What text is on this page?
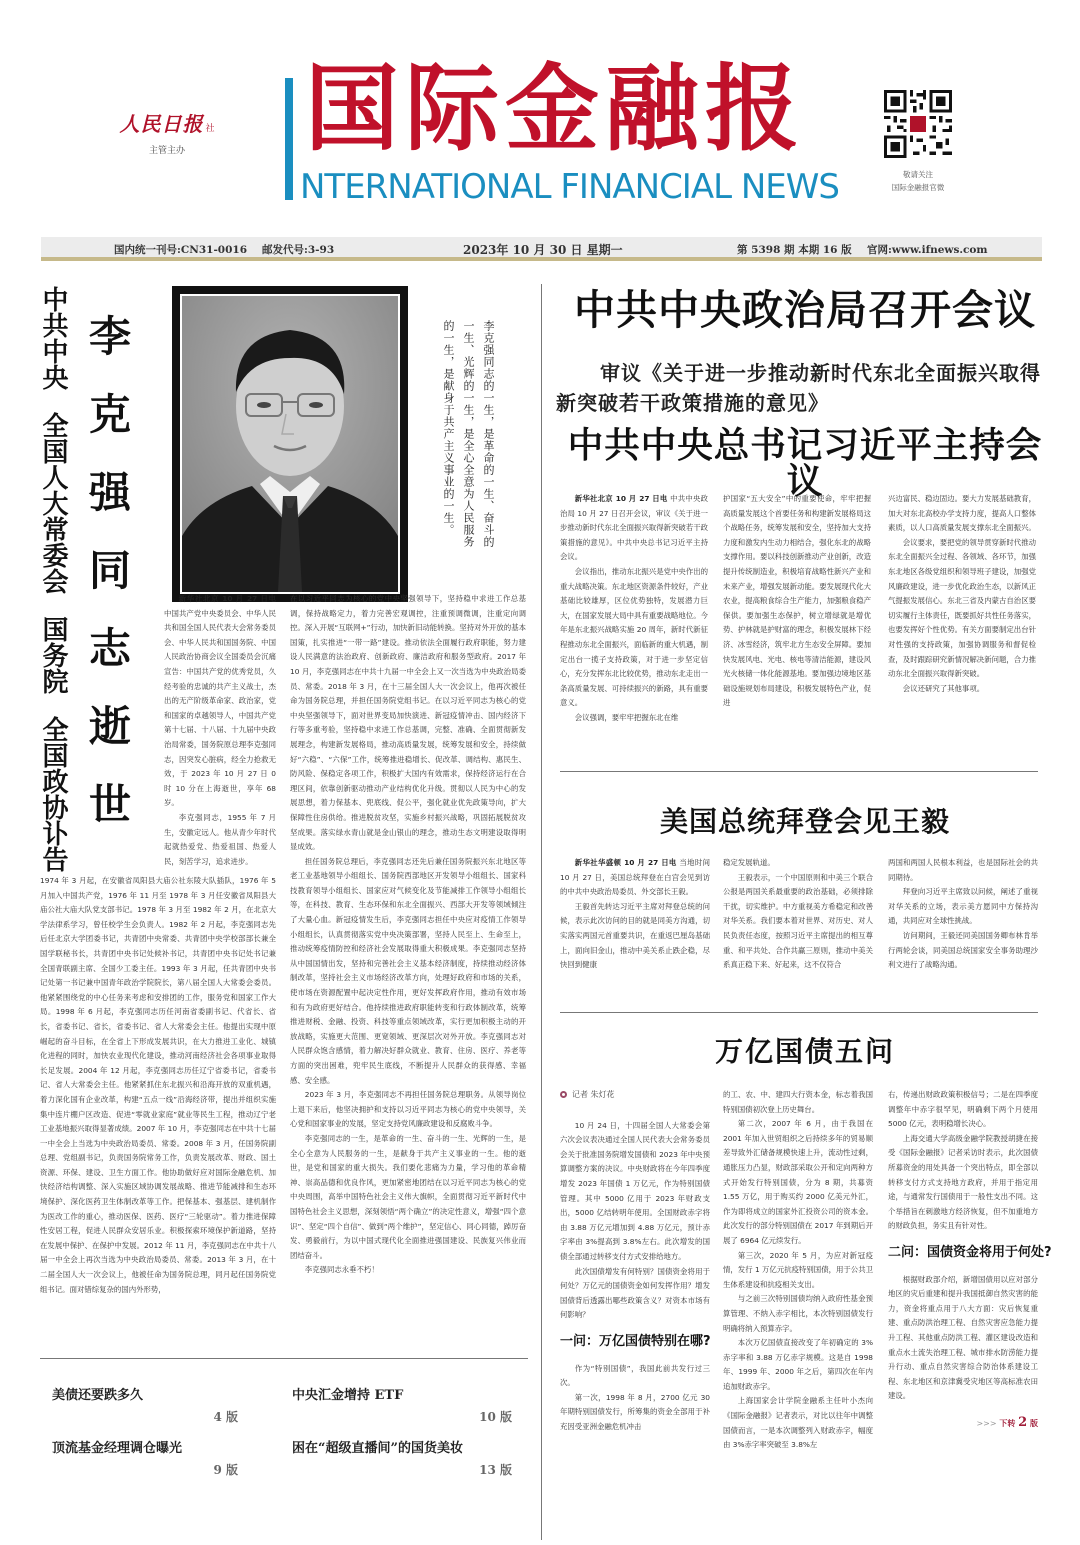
人民日报 社
主管主办	国际金融报
NTERNATIONAL FINANCIAL NEWS	敬请关注
国际金融报官微
国内统一刊号:CN31-0016 邮发代号:3-93	2023年 10 月 30 日 星期一	第 5398 期 本期 16 版 官网:www.ifnews.com
中共中央全国人大常委会国务院全国政协讣告 李克强同志逝世	李克强同志的一生，是革命的一生、奋斗的一生、光辉的一生，是全心全意为人民服务的一生，是献身于共产主义事业的一生。

新华社北京 10 月 27 日电 中国共产党中央委员会、中华人民共和国全国人民代表大会常务委员会、中华人民共和国国务院、中国人民政治协商会议全国委员会沉痛宣告：中国共产党的优秀党员，久经考验的忠诚的共产主义战士，杰出的无产阶级革命家、政治家，党和国家的卓越领导人，中国共产党第十七届、十八届、十九届中央政治局常委，国务院原总理李克强同志，因突发心脏病，经全力抢救无效，于 2023 年 10 月 27 日 0 时 10 分在上海逝世，享年 68 岁。

李克强同志，1955 年 7 月生，安徽定远人。他从青少年时代起就热爱党、热爱祖国、热爱人民，刻苦学习，追求进步。

1974 年 3 月起，在安徽省凤阳县大庙公社东陵大队插队，1976 年 5 月加入中国共产党，1976 年 11 月至 1978 年 3 月任安徽省凤阳县大庙公社大庙大队党支部书记。1978 年 3 月至 1982 年 2 月，在北京大学法律系学习，曾任校学生会负责人。1982 年 2 月起，李克强同志先后任北京大学团委书记，共青团中央常委、共青团中央学校部部长兼全国学联秘书长，共青团中央书记处候补书记，共青团中央书记处书记兼全国青联副主席、全国少工委主任。1993 年 3 月起，任共青团中央书记处第一书记兼中国青年政治学院院长，第八届全国人大常委会委员。他紧紧围绕党的中心任务来考虑和安排团的工作，服务党和国家工作大局。1998 年 6 月起，李克强同志历任河南省委副书记、代省长、省长，省委书记、省长，省委书记、省人大常委会主任。他提出实现中原崛起的奋斗目标，在全省上下形成发展共识，在大力推进工业化、城镇化进程的同时，加快农业现代化建设，推动河南经济社会各项事业取得长足发展。2004 年 12 月起，李克强同志历任辽宁省委书记，省委书记、省人大常委会主任。他紧紧抓住东北振兴和沿海开放的双重机遇，着力深化国有企业改革，构建“五点一线”沿海经济带，提出并组织实施集中连片棚户区改造、促进“零就业家庭”就业等民生工程，推动辽宁老工业基地振兴取得显著成绩。2007 年 10 月，李克强同志在中共十七届一中全会上当选为中央政治局委员、常委。2008 年 3 月，任国务院副总理、党组副书记，负责国务院常务工作，负责发展改革、财政、国土资源、环保、建设、卫生方面工作。他协助做好应对国际金融危机、加快经济结构调整、深入实施区域协调发展战略、推进节能减排和生态环境保护、深化医药卫生体制改革等工作。把保基本、强基层、建机制作为医改工作的重心，推动医保、医药、医疗“三轮驱动”。着力推进保障性安居工程，促进人民群众安居乐业。积极探索环境保护新道路，坚持在发展中保护、在保护中发展。2012 年 11 月，李克强同志在中共十八届一中全会上再次当选为中央政治局委员、常委。2013 年 3 月，在十二届全国人大一次会议上，他被任命为国务院总理，同月起任国务院党组书记。面对错综复杂的国内外形势，

在以习近平同志为核心的党中央坚强领导下，坚持稳中求进工作总基调，保持战略定力，着力完善宏观调控，注重预调微调，注重定向调控。深入开展“互联网+”行动，加快新旧动能转换。坚持对外开放的基本国策，扎实推进“一带一路”建设。推动依法全面履行政府职能，努力建设人民满意的法治政府、创新政府、廉洁政府和服务型政府。2017 年 10 月，李克强同志在中共十九届一中全会上又一次当选为中央政治局委员、常委。2018 年 3 月，在十三届全国人大一次会议上，他再次被任命为国务院总理，并担任国务院党组书记。在以习近平同志为核心的党中央坚强领导下，面对世界变局加快演进、新冠疫情冲击、国内经济下行等多重考验，坚持稳中求进工作总基调，完整、准确、全面贯彻新发展理念，构建新发展格局，推动高质量发展，统筹发展和安全，持续做好“六稳”、“六保”工作，统筹推进稳增长、促改革、调结构、惠民生、防风险、保稳定各项工作，积极扩大国内有效需求，保持经济运行在合理区间，依靠创新驱动推动产业结构优化升级。贯彻以人民为中心的发展思想，着力保基本、兜底线、促公平，强化就业优先政策导向，扩大保障性住房供给。推进脱贫攻坚，实施乡村振兴战略，巩固拓展脱贫攻坚成果。落实绿水青山就是金山银山的理念，推动生态文明建设取得明显成效。

担任国务院总理后，李克强同志还先后兼任国务院振兴东北地区等老工业基地领导小组组长、国务院西部地区开发领导小组组长、国家科技教育领导小组组长、国家应对气候变化及节能减排工作领导小组组长等，在科技、教育、生态环保和东北全面振兴、西部大开发等领域倾注了大量心血。新冠疫情发生后，李克强同志担任中央应对疫情工作领导小组组长，认真贯彻落实党中央决策部署，坚持人民至上、生命至上，推动统筹疫情防控和经济社会发展取得重大积极成果。李克强同志坚持从中国国情出发，坚持和完善社会主义基本经济制度，持续推动经济体制改革，坚持社会主义市场经济改革方向，处理好政府和市场的关系，使市场在资源配置中起决定性作用，更好发挥政府作用，推动有效市场和有为政府更好结合。他持续推进政府职能转变和行政体制改革，统筹推进财税、金融、投资、科技等重点领域改革，实行更加积极主动的开放战略，实施更大范围、更宽领域、更深层次对外开放。李克强同志对人民群众饱含感情，着力解决好群众就业、教育、住房、医疗、养老等方面的突出困难，兜牢民生底线，不断提升人民群众的获得感、幸福感、安全感。

2023 年 3 月，李克强同志不再担任国务院总理职务。从领导岗位上退下来后，他坚决拥护和支持以习近平同志为核心的党中央领导，关心党和国家事业的发展，坚定支持党风廉政建设和反腐败斗争。

李克强同志的一生，是革命的一生、奋斗的一生、光辉的一生，是全心全意为人民服务的一生，是献身于共产主义事业的一生。他的逝世，是党和国家的重大损失。我们要化悲痛为力量，学习他的革命精神、崇高品德和优良作风，更加紧密地团结在以习近平同志为核心的党中央周围，高举中国特色社会主义伟大旗帜，全面贯彻习近平新时代中国特色社会主义思想，深刻领悟“两个确立”的决定性意义，增强“四个意识”、坚定“四个自信”、做到“两个维护”，坚定信心、同心同德，踔厉奋发、勇毅前行，为以中国式现代化全面推进强国建设、民族复兴伟业而团结奋斗。

李克强同志永垂不朽！

美债还要跌多久
4 版
中央汇金增持 ETF
10 版
顶流基金经理调仓曝光
9 版
困在“超级直播间”的国货美妆
13 版
中共中央政治局召开会议
审议《关于进一步推动新时代东北全面振兴取得新突破若干政策措施的意见》
中共中央总书记习近平主持会议

新华社北京 10 月 27 日电 中共中央政治局 10 月 27 日召开会议，审议《关于进一步推动新时代东北全面振兴取得新突破若干政策措施的意见》。中共中央总书记习近平主持会议。

会议指出，推动东北振兴是党中央作出的重大战略决策。东北地区资源条件较好，产业基础比较雄厚，区位优势独特，发展潜力巨大，在国家发展大局中具有重要战略地位。今年是东北振兴战略实施 20 周年，新时代新征程推动东北全面振兴，面临新的重大机遇，制定出台一揽子支持政策，对于进一步坚定信心，充分发挥东北比较优势，推动东北走出一条高质量发展、可持续振兴的新路，具有重要意义。

会议强调，要牢牢把握东北在维

护国家“五大安全”中的重要使命，牢牢把握高质量发展这个首要任务和构建新发展格局这个战略任务，统筹发展和安全，坚持加大支持力度和激发内生动力相结合，强化东北的战略支撑作用。要以科技创新推动产业创新，改造提升传统制造业，积极培育战略性新兴产业和未来产业，增强发展新动能。要发展现代化大农业，提高粮食综合生产能力，加强粮食稳产保供。要加强生态保护，树立增绿就是增优势、护林就是护财富的理念，积极发展林下经济、冰雪经济，筑牢北方生态安全屏障。要加快发展风电、光电、核电等清洁能源，建设风光火核储一体化能源基地。要加强边境地区基础设施规划布局建设，积极发展特色产业，促进

兴边富民、稳边固边。要大力发展基础教育，加大对东北高校办学支持力度，提高人口整体素质，以人口高质量发展支撑东北全面振兴。

会议要求，要把党的领导贯穿新时代推动东北全面振兴全过程、各领域、各环节，加强东北地区各级党组织和领导班子建设，加强党风廉政建设，进一步优化政治生态，以新风正气提振发展信心。东北三省及内蒙古自治区要切实履行主体责任，既要抓好共性任务落实，也要发挥好个性优势。有关方面要制定出台针对性强的支持政策，加强协调服务和督促检查，及时跟踪研究新情况解决新问题，合力推动东北全面振兴取得新突破。

会议还研究了其他事项。

美国总统拜登会见王毅

新华社华盛顿 10 月 27 日电 当地时间 10 月 27 日，美国总统拜登在白宫会见到访的中共中央政治局委员、外交部长王毅。

王毅首先转达习近平主席对拜登总统的问候，表示此次访问的目的就是同美方沟通，切实落实两国元首重要共识，在重返巴厘岛基础上，面向旧金山，推动中美关系止跌企稳，尽快回到健康

稳定发展轨道。

王毅表示，一个中国原则和中美三个联合公报是两国关系最重要的政治基础，必须排除干扰，切实维护。中方重视美方希稳定和改善对华关系。我们要本着对世界、对历史、对人民负责任态度，按照习近平主席提出的相互尊重、和平共处、合作共赢三原则，推动中美关系真正稳下来、好起来，这不仅符合

两国和两国人民根本利益，也是国际社会的共同期待。

拜登向习近平主席致以问候，阐述了重视对华关系的立场，表示美方愿同中方保持沟通，共同应对全球性挑战。

访问期间，王毅还同美国国务卿布林肯举行两轮会谈，同美国总统国家安全事务助理沙利文进行了战略沟通。

万亿国债五问
记者 朱灯花

10 月 24 日，十四届全国人大常委会第六次会议表决通过全国人民代表大会常务委员会关于批准国务院增发国债和 2023 年中央预算调整方案的决议。中央财政将在今年四季度增发 2023 年国债 1 万亿元，作为特别国债管理。其中 5000 亿用于 2023 年财政支出，5000 亿结转明年使用。全国财政赤字将由 3.88 万亿元增加到 4.88 万亿元，预计赤字率由 3%提高到 3.8%左右。此次增发的国债全部通过转移支付方式安排给地方。

此次国债增发有何特别？国债资金将用于何处？万亿元的国债资金如何发挥作用？增发国债背后透露出哪些政策含义？对资本市场有何影响？

一问：万亿国债特别在哪?

作为“特别国债”，我国此前共发行过三次。

第一次，1998 年 8 月，2700 亿元 30 年期特别国债发行，所筹集的资金全部用于补充因受亚洲金融危机冲击

的工、农、中、建四大行资本金，标志着我国特别国债初次登上历史舞台。

第二次，2007 年 6 月，由于我国在 2001 年加入世贸组织之后持续多年的贸易顺差导致外汇储备规模快速上升，流动性过剩，通胀压力凸显，财政部采取公开和定向两种方式开始发行特别国债，分为 8 期，共募资 1.55 万亿，用于购买约 2000 亿美元外汇，作为即将成立的国家外汇投资公司的资本金。此次发行的部分特别国债在 2017 年到期后开展了 6964 亿元续发行。

第三次，2020 年 5 月，为应对新冠疫情，发行 1 万亿元抗疫特别国债，用于公共卫生体系建设和抗疫相关支出。

与之前三次特别国债均纳入政府性基金预算管理、不纳入赤字相比，本次特别国债发行明确将纳入预算赤字。

本次万亿国债直接改变了年初确定的 3%赤字率和 3.88 万亿赤字规模。这是自 1998 年、1999 年、2000 年之后，第四次在年内追加财政赤字。

上海国家会计学院金融系主任叶小杰向《国际金融报》记者表示，对比以往年中调整国债而言，一是本次调整列入财政赤字，幅度由 3%赤字率突破至 3.8%左

右，传递出财政政策积极信号；二是在四季度调整年中赤字很罕见，明确剩下两个月使用 5000 亿元，表明稳增长决心。

上海交通大学高级金融学院教授胡捷在接受《国际金融报》记者采访时表示，此次国债所募资金的用处具备一个突出特点，即全部以转移支付方式支持地方政府，并用于指定用途，与通常发行国债用于一般性支出不同。这个举措旨在刺激地方经济恢复，但不加重地方的财政负担，务实且有针对性。

二问：国债资金将用于何处?

根据财政部介绍，新增国债用以应对部分地区的灾后重建和提升我国抵御自然灾害的能力，资金将重点用于八大方面：灾后恢复重建、重点防洪治理工程、自然灾害应急能力提升工程、其他重点防洪工程、灌区建设改造和重点水土流失治理工程、城市排水防涝能力提升行动、重点自然灾害综合防治体系建设工程、东北地区和京津冀受灾地区等高标准农田建设。

>>> 下转 2 版
